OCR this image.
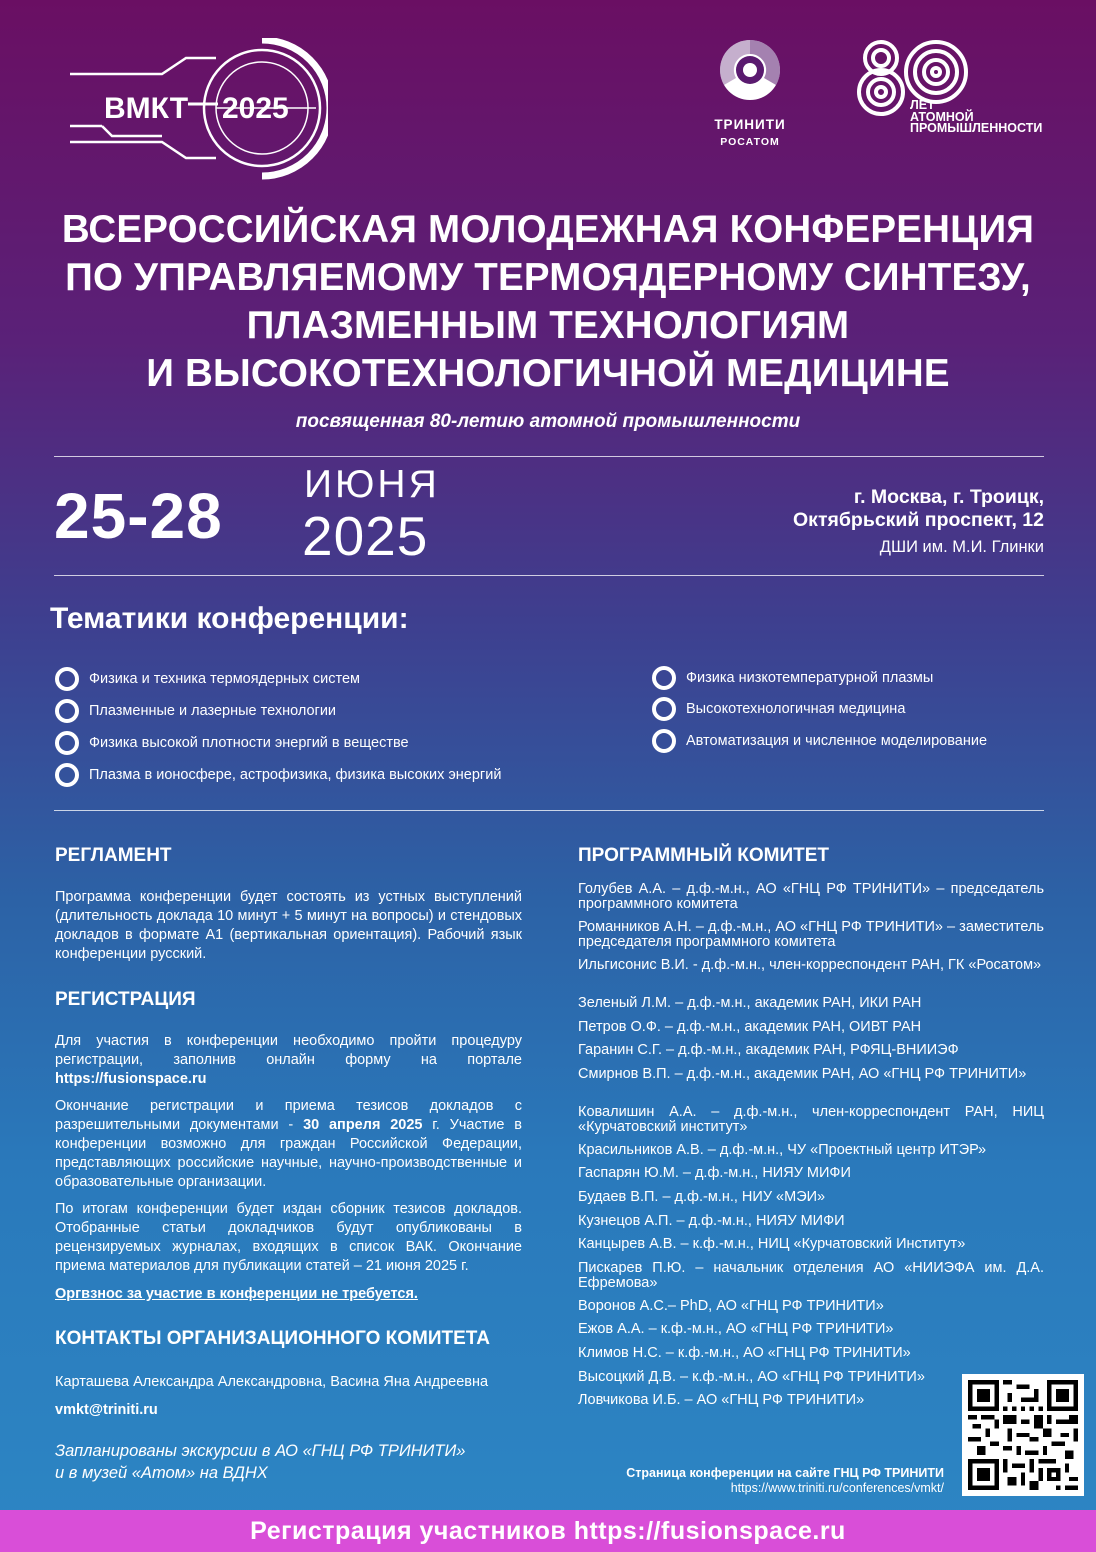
ВМКТ 2025	ТРИНИТИ
РОСАТОМ
ЛЕТ
АТОМНОЙ
ПРОМЫШЛЕННОСТИ
ВСЕРОССИЙСКАЯ МОЛОДЕЖНАЯ КОНФЕРЕНЦИЯ
ПО УПРАВЛЯЕМОМУ ТЕРМОЯДЕРНОМУ СИНТЕЗУ,
ПЛАЗМЕННЫМ ТЕХНОЛОГИЯМ
И ВЫСОКОТЕХНОЛОГИЧНОЙ МЕДИЦИНЕ
посвященная 80-летию атомной промышленности
25-28 ИЮНЯ
2025
г. Москва, г. Троицк,
Октябрьский проспект, 12
ДШИ им. М.И. Глинки
Тематики конференции:
Физика и техника термоядерных систем
Плазменные и лазерные технологии
Физика высокой плотности энергий в веществе
Плазма в ионосфере, астрофизика, физика высоких энергий
Физика низкотемпературной плазмы
Высокотехнологичная медицина
Автоматизация и численное моделирование
РЕГЛАМЕНТ
Программа конференции будет состоять из устных выступлений (длительность доклада 10 минут + 5 минут на вопросы) и стендовых докладов в формате А1 (вертикальная ориентация). Рабочий язык конференции русский.
РЕГИСТРАЦИЯ
Для участия в конференции необходимо пройти процедуру регистрации, заполнив онлайн форму на портале https://fusionspace.ru
Окончание регистрации и приема тезисов докладов с разрешительными документами - 30 апреля 2025 г. Участие в конференции возможно для граждан Российской Федерации, представляющих российские научные, научно-производственные и образовательные организации.
По итогам конференции будет издан сборник тезисов докладов. Отобранные статьи докладчиков будут опубликованы в рецензируемых журналах, входящих в список ВАК. Окончание приема материалов для публикации статей – 21 июня 2025 г.
Оргвзнос за участие в конференции не требуется.
КОНТАКТЫ ОРГАНИЗАЦИОННОГО КОМИТЕТА
Карташева Александра Александровна, Васина Яна Андреевна
vmkt@triniti.ru
Запланированы экскурсии в АО «ГНЦ РФ ТРИНИТИ»
и в музей «Атом» на ВДНХ
ПРОГРАММНЫЙ КОМИТЕТ
Голубев А.А. – д.ф.-м.н., АО «ГНЦ РФ ТРИНИТИ» – председатель программного комитета
Романников А.Н. – д.ф.-м.н., АО «ГНЦ РФ ТРИНИТИ» – заместитель председателя программного комитета
Ильгисонис В.И. - д.ф.-м.н., член-корреспондент РАН, ГК «Росатом»
Зеленый Л.М. – д.ф.-м.н., академик РАН, ИКИ РАН
Петров О.Ф. – д.ф.-м.н., академик РАН, ОИВТ РАН
Гаранин С.Г. – д.ф.-м.н., академик РАН, РФЯЦ-ВНИИЭФ
Смирнов В.П. – д.ф.-м.н., академик РАН, АО «ГНЦ РФ ТРИНИТИ»
Ковалишин А.А. – д.ф.-м.н., член-корреспондент РАН, НИЦ «Курчатовский институт»
Красильников А.В. – д.ф.-м.н., ЧУ «Проектный центр ИТЭР»
Гаспарян Ю.М. – д.ф.-м.н., НИЯУ МИФИ
Будаев В.П. – д.ф.-м.н., НИУ «МЭИ»
Кузнецов А.П. – д.ф.-м.н., НИЯУ МИФИ
Канцырев А.В. – к.ф.-м.н., НИЦ «Курчатовский Институт»
Пискарев П.Ю. – начальник отделения АО «НИИЭФА им. Д.А. Ефремова»
Воронов А.С.– PhD, АО «ГНЦ РФ ТРИНИТИ»
Ежов А.А. – к.ф.-м.н., АО «ГНЦ РФ ТРИНИТИ»
Климов Н.С. – к.ф.-м.н., АО «ГНЦ РФ ТРИНИТИ»
Высоцкий Д.В. – к.ф.-м.н., АО «ГНЦ РФ ТРИНИТИ»
Ловчикова И.Б. – АО «ГНЦ РФ ТРИНИТИ»
Страница конференции на сайте ГНЦ РФ ТРИНИТИ
https://www.triniti.ru/conferences/vmkt/
Регистрация участников https://fusionspace.ru
